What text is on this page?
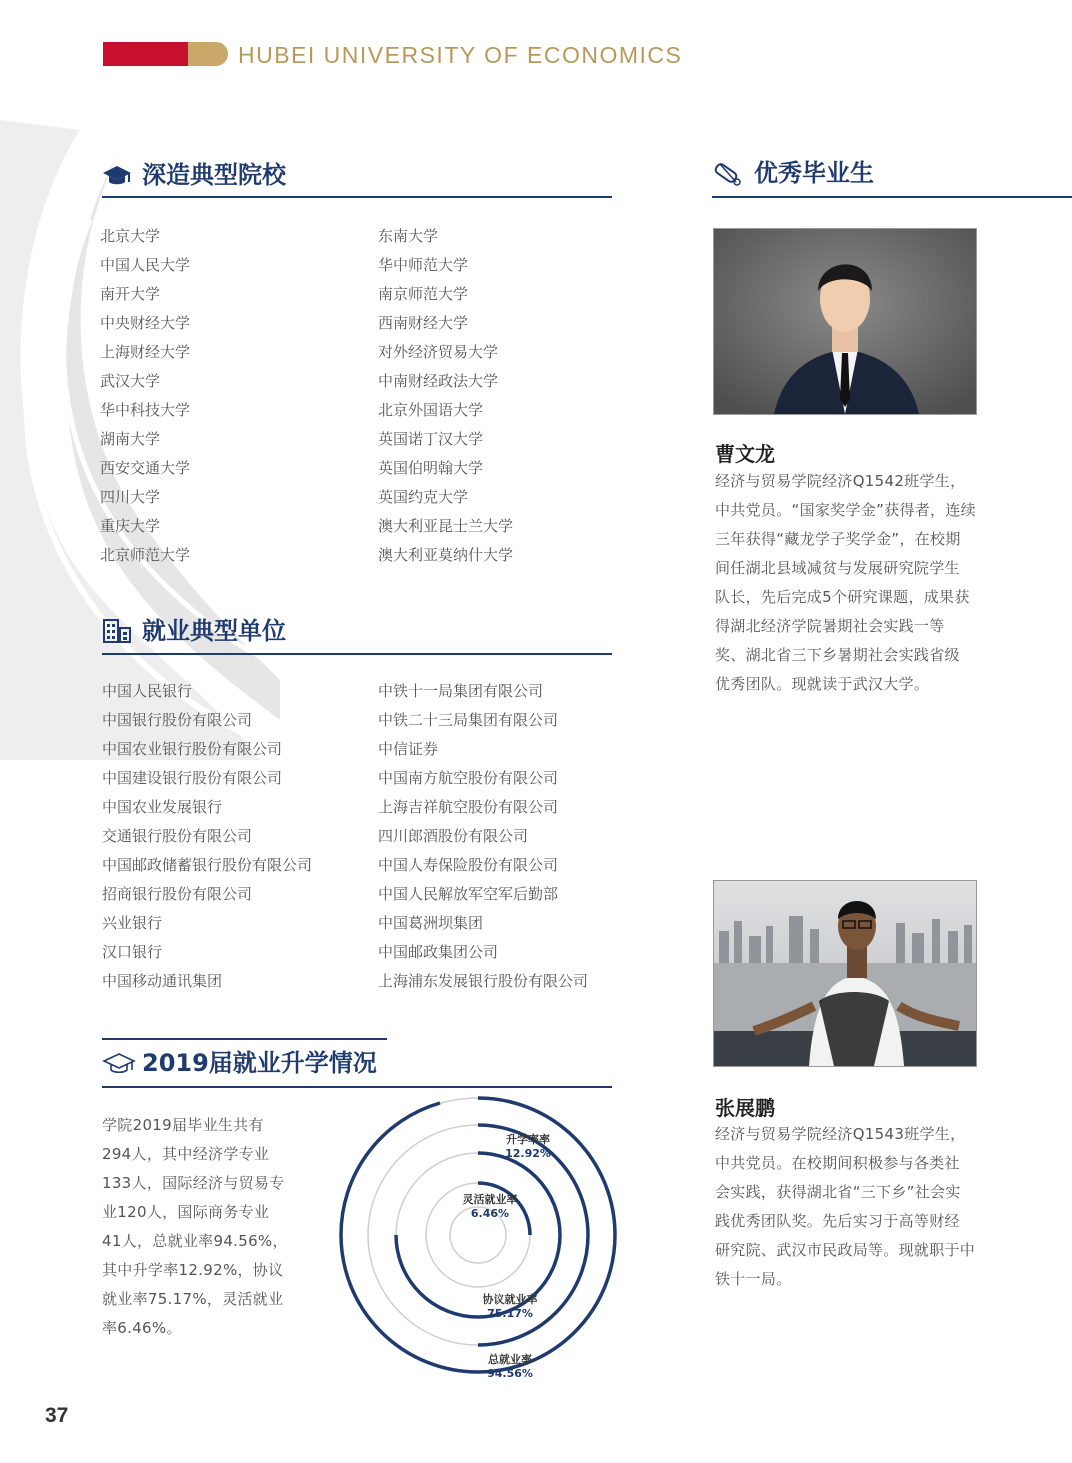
HUBEI UNIVERSITY OF ECONOMICS
深造典型院校
北京大学
中国人民大学
南开大学
中央财经大学
上海财经大学
武汉大学
华中科技大学
湖南大学
西安交通大学
四川大学
重庆大学
北京师范大学
东南大学
华中师范大学
南京师范大学
西南财经大学
对外经济贸易大学
中南财经政法大学
北京外国语大学
英国诺丁汉大学
英国伯明翰大学
英国约克大学
澳大利亚昆士兰大学
澳大利亚莫纳什大学
就业典型单位
中国人民银行
中国银行股份有限公司
中国农业银行股份有限公司
中国建设银行股份有限公司
中国农业发展银行
交通银行股份有限公司
中国邮政储蓄银行股份有限公司
招商银行股份有限公司
兴业银行
汉口银行
中国移动通讯集团
中铁十一局集团有限公司
中铁二十三局集团有限公司
中信证券
中国南方航空股份有限公司
上海吉祥航空股份有限公司
四川郎酒股份有限公司
中国人寿保险股份有限公司
中国人民解放军空军后勤部
中国葛洲坝集团
中国邮政集团公司
上海浦东发展银行股份有限公司
2019届就业升学情况
学院2019届毕业生共有
294人，其中经济学专业
133人，国际经济与贸易专
业120人，国际商务专业
41人，总就业率94.56%，
其中升学率12.92%，协议
就业率75.17%，灵活就业
率6.46%。
升学率率
12.92%
灵活就业率
6.46%
协议就业率
75.17%
总就业率
94.56%
优秀毕业生
曹文龙
经济与贸易学院经济Q1542班学生，
中共党员。“国家奖学金”获得者，连续
三年获得“藏龙学子奖学金”，在校期
间任湖北县域减贫与发展研究院学生
队长，先后完成5个研究课题，成果获
得湖北经济学院暑期社会实践一等
奖、湖北省三下乡暑期社会实践省级
优秀团队。现就读于武汉大学。
张展鹏
经济与贸易学院经济Q1543班学生，
中共党员。在校期间积极参与各类社
会实践，获得湖北省“三下乡”社会实
践优秀团队奖。先后实习于高等财经
研究院、武汉市民政局等。现就职于中
铁十一局。
37
